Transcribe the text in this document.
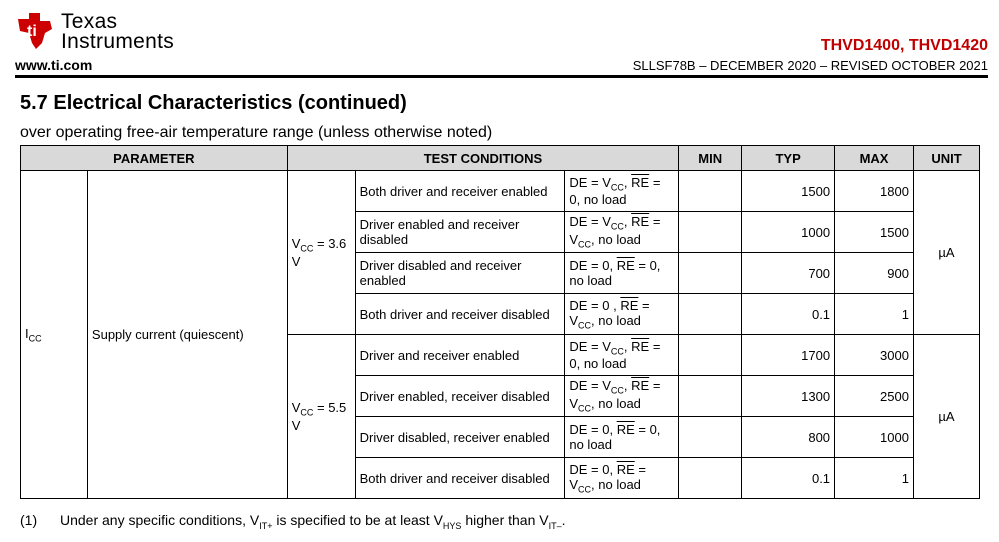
ti Texas
Instruments
www.ti.com
THVD1400, THVD1420
SLLSF78B – DECEMBER 2020 – REVISED OCTOBER 2021
5.7 Electrical Characteristics (continued)
over operating free-air temperature range (unless otherwise noted)
PARAMETER		TEST CONDITIONS			MIN	TYP	MAX	UNIT
$I_{CC}$	Supply current (quiescent)	$V_{CC} = 3.6$ V	Both driver and receiver enabled	DE = $V_{CC}$, $\overline{RE} = 0$, no load		1500	1800	µA
			Driver enabled and receiver disabled	DE = $V_{CC}$, $\overline{RE} = V_{CC}$, no load		1000	1500	
			Driver disabled and receiver enabled	DE = 0, $\overline{RE} = 0$, no load		700	900	
			Both driver and receiver disabled	DE = 0 , $\overline{RE} = V_{CC}$, no load		0.1	1	
		$V_{CC} = 5.5$ V	Driver and receiver enabled	DE = $V_{CC}$, $\overline{RE} = 0$, no load		1700	3000	µA
			Driver enabled, receiver disabled	DE = $V_{CC}$, $\overline{RE} = V_{CC}$, no load		1300	2500	
			Driver disabled, receiver enabled	DE = 0, $\overline{RE} = 0$, no load		800	1000	
			Both driver and receiver disabled	DE = 0, $\overline{RE} = V_{CC}$, no load		0.1	1	
(1) Under any specific conditions, $V_{IT+}$ is specified to be at least $V_{HYS}$ higher than $V_{IT-}$.
